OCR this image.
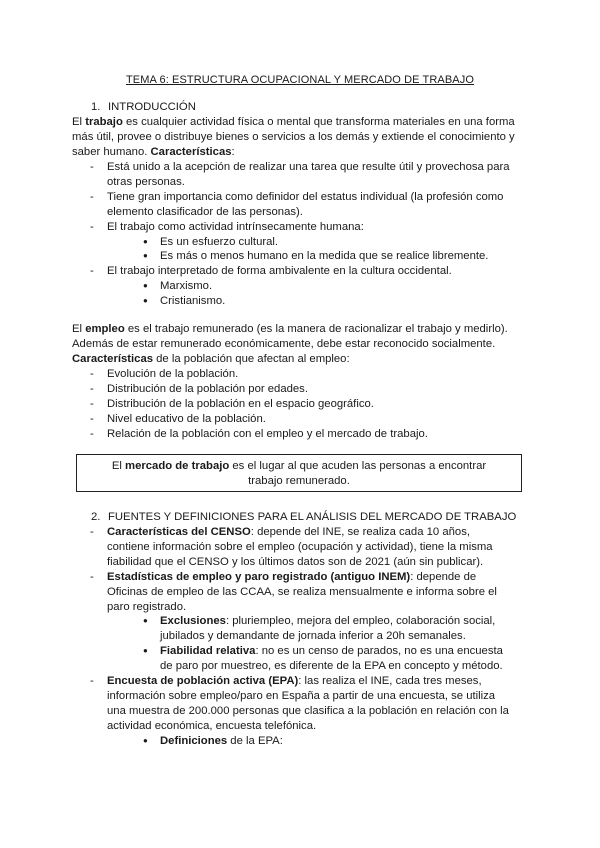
TEMA 6: ESTRUCTURA OCUPACIONAL Y MERCADO DE TRABAJO
1. INTRODUCCIÓN
El trabajo es cualquier actividad física o mental que transforma materiales en una forma más útil, provee o distribuye bienes o servicios a los demás y extiende el conocimiento y saber humano. Características:
- Está unido a la acepción de realizar una tarea que resulte útil y provechosa para otras personas.
- Tiene gran importancia como definidor del estatus individual (la profesión como elemento clasificador de las personas).
- El trabajo como actividad intrínsecamente humana:
● Es un esfuerzo cultural.
● Es más o menos humano en la medida que se realice libremente.
- El trabajo interpretado de forma ambivalente en la cultura occidental.
● Marxismo.
● Cristianismo.
El empleo es el trabajo remunerado (es la manera de racionalizar el trabajo y medirlo). Además de estar remunerado económicamente, debe estar reconocido socialmente.
Características de la población que afectan al empleo:
- Evolución de la población.
- Distribución de la población por edades.
- Distribución de la población en el espacio geográfico.
- Nivel educativo de la población.
- Relación de la población con el empleo y el mercado de trabajo.
El mercado de trabajo es el lugar al que acuden las personas a encontrar trabajo remunerado.
2. FUENTES Y DEFINICIONES PARA EL ANÁLISIS DEL MERCADO DE TRABAJO
- Características del CENSO: depende del INE, se realiza cada 10 años, contiene información sobre el empleo (ocupación y actividad), tiene la misma fiabilidad que el CENSO y los últimos datos son de 2021 (aún sin publicar).
- Estadísticas de empleo y paro registrado (antiguo INEM): depende de Oficinas de empleo de las CCAA, se realiza mensualmente e informa sobre el paro registrado.
● Exclusiones: pluriempleo, mejora del empleo, colaboración social, jubilados y demandante de jornada inferior a 20h semanales.
● Fiabilidad relativa: no es un censo de parados, no es una encuesta de paro por muestreo, es diferente de la EPA en concepto y método.
- Encuesta de población activa (EPA): las realiza el INE, cada tres meses, información sobre empleo/paro en España a partir de una encuesta, se utiliza una muestra de 200.000 personas que clasifica a la población en relación con la actividad económica, encuesta telefónica.
● Definiciones de la EPA:
